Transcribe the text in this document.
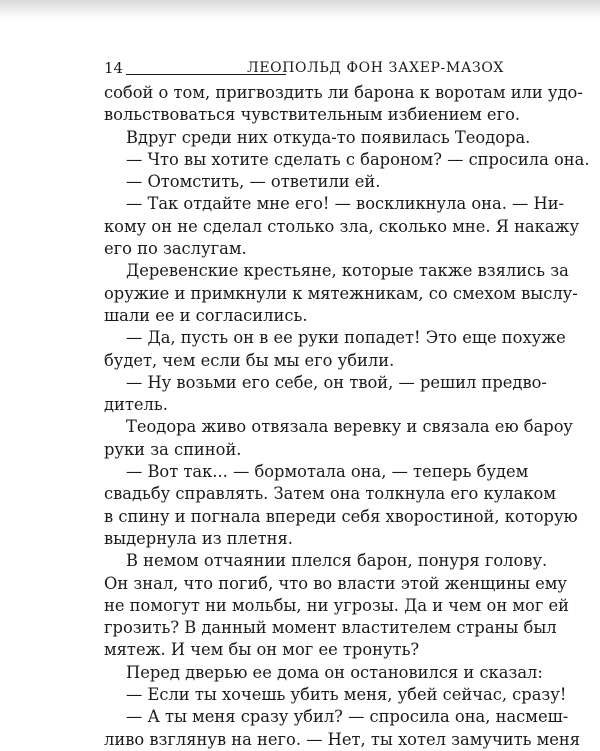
14	ЛЕОПОЛЬД ФОН ЗАХЕР-МАЗОХ
собой о том, пригвоздить ли барона к воротам или удо-
вольствоваться чувствительным избиением его.
Вдруг среди них откуда-то появилась Теодора.
— Что вы хотите сделать с бароном? — спросила она.
— Отомстить, — ответили ей.
— Так отдайте мне его! — воскликнула она. — Ни-
кому он не сделал столько зла, сколько мне. Я накажу
его по заслугам.
Деревенские крестьяне, которые также взялись за
оружие и примкнули к мятежникам, со смехом выслу-
шали ее и согласились.
— Да, пусть он в ее руки попадет! Это еще похуже
будет, чем если бы мы его убили.
— Ну возьми его себе, он твой, — решил предво-
дитель.
Теодора живо отвязала веревку и связала ею бароy
руки за спиной.
— Вот так... — бормотала она, — теперь будем
свадьбу справлять. Затем она толкнула его кулаком
в спину и погнала впереди себя хворостиной, которую
выдернула из плетня.
В немом отчаянии плелся барон, понуря голову.
Он знал, что погиб, что во власти этой женщины ему
не помогут ни мольбы, ни угрозы. Да и чем он мог ей
грозить? В данный момент властителем страны был
мятеж. И чем бы он мог ее тронуть?
Перед дверью ее дома он остановился и сказал:
— Если ты хочешь убить меня, убей сейчас, сразу!
— А ты меня сразу убил? — спросила она, насмеш-
ливо взглянув на него. — Нет, ты хотел замучить меня
